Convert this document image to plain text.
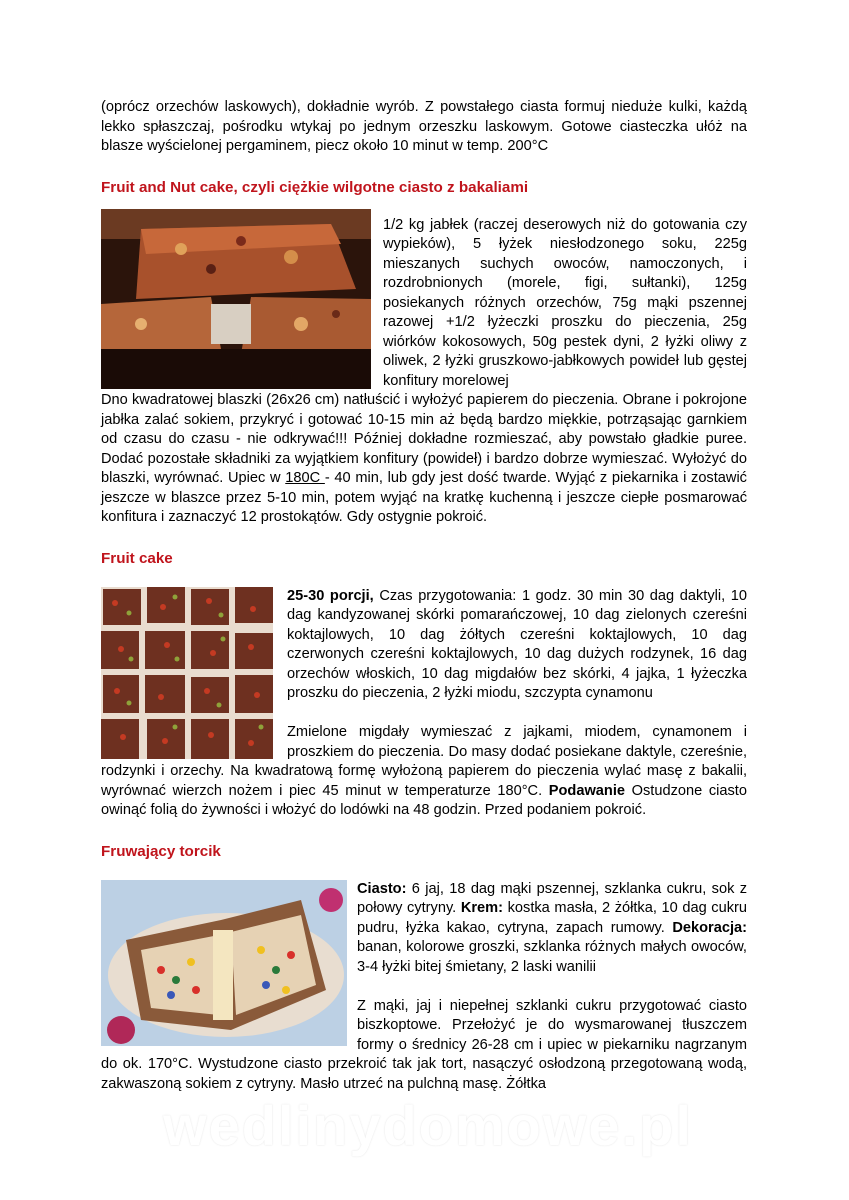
(oprócz orzechów laskowych), dokładnie wyrób. Z powstałego ciasta formuj nieduże kulki, każdą lekko spłaszczaj, pośrodku wtykaj po jednym orzeszku laskowym. Gotowe ciasteczka ułóż na blasze wyścielonej pergaminem, piecz około 10 minut w temp. 200°C

Fruit and Nut cake, czyli ciężkie wilgotne ciasto z bakaliami

1/2 kg jabłek (raczej deserowych niż do gotowania czy wypieków), 5 łyżek niesłodzonego soku, 225g mieszanych suchych owoców, namoczonych, i rozdrobnionych (morele, figi, sułtanki), 125g posiekanych różnych orzechów, 75g mąki pszennej razowej +1/2 łyżeczki proszku do pieczenia, 25g wiórków kokosowych, 50g pestek dyni, 2 łyżki oliwy z oliwek, 2 łyżki gruszkowo-jabłkowych powideł lub gęstej konfitury morelowej

Dno kwadratowej blaszki (26x26 cm) natłuścić i wyłożyć papierem do pieczenia. Obrane i pokrojone jabłka zalać sokiem, przykryć i gotować 10-15 min aż będą bardzo miękkie, potrząsając garnkiem od czasu do czasu - nie odkrywać!!! Później dokładne rozmieszać, aby powstało gładkie puree. Dodać pozostałe składniki za wyjątkiem konfitury (powideł) i bardzo dobrze wymieszać. Wyłożyć do blaszki, wyrównać. Upiec w 180C - 40 min, lub gdy jest dość twarde. Wyjąć z piekarnika i zostawić jeszcze w blaszce przez 5-10 min, potem wyjąć na kratkę kuchenną i jeszcze ciepłe posmarować konfitura i zaznaczyć 12 prostokątów. Gdy ostygnie pokroić.

Fruit cake

25-30 porcji, Czas przygotowania: 1 godz. 30 min 30 dag daktyli, 10 dag kandyzowanej skórki pomarańczowej, 10 dag zielonych czereśni koktajlowych, 10 dag żółtych czereśni koktajlowych, 10 dag czerwonych czereśni koktajlowych, 10 dag dużych rodzynek, 16 dag orzechów włoskich, 10 dag migdałów bez skórki, 4 jajka, 1 łyżeczka proszku do pieczenia, 2 łyżki miodu, szczypta cynamonu

Zmielone migdały wymieszać z jajkami, miodem, cynamonem i proszkiem do pieczenia. Do masy dodać posiekane daktyle, czereśnie, rodzynki i orzechy. Na kwadratową formę wyłożoną papierem do pieczenia wylać masę z bakalii, wyrównać wierzch nożem i piec 45 minut w temperaturze 180°C. Podawanie Ostudzone ciasto owinąć folią do żywności i włożyć do lodówki na 48 godzin. Przed podaniem pokroić.

Fruwający torcik

Ciasto: 6 jaj, 18 dag mąki pszennej, szklanka cukru, sok z połowy cytryny. Krem: kostka masła, 2 żółtka, 10 dag cukru pudru, łyżka kakao, cytryna, zapach rumowy. Dekoracja: banan, kolorowe groszki, szklanka różnych małych owoców, 3-4 łyżki bitej śmietany, 2 laski wanilii

Z mąki, jaj i niepełnej szklanki cukru przygotować ciasto biszkoptowe. Przełożyć je do wysmarowanej tłuszczem formy o średnicy 26-28 cm i upiec w piekarniku nagrzanym do ok. 170°C. Wystudzone ciasto przekroić tak jak tort, nasączyć osłodzoną przegotowaną wodą, zakwaszoną sokiem z cytryny. Masło utrzeć na pulchną masę. Żółtka

wedlinydomowe.pl
